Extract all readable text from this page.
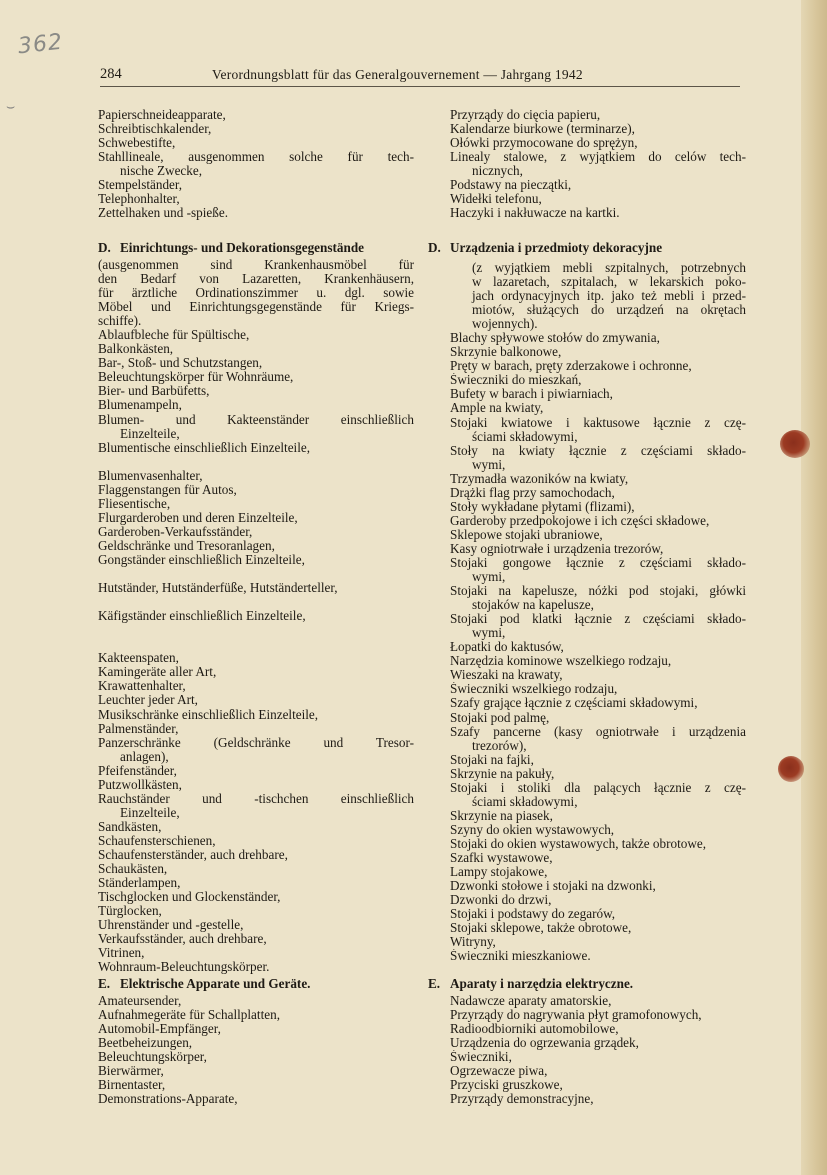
362
⌣
284	Verordnungsblatt für das Generalgouvernement — Jahrgang 1942
Papierschneideapparate,
Schreibtischkalender,
Schwebestifte,
Stahllineale, ausgenommen solche für tech-
nische Zwecke,
Stempelständer,
Telephonhalter,
Zettelhaken und -spieße.
D. Einrichtungs- und Dekorationsgegenstände
(ausgenommen sind Krankenhausmöbel für
den Bedarf von Lazaretten, Krankenhäusern,
für ärztliche Ordinationszimmer u. dgl. sowie
Möbel und Einrichtungsgegenstände für Kriegs-
schiffe).
Ablaufbleche für Spültische,
Balkonkästen,
Bar-, Stoß- und Schutzstangen,
Beleuchtungskörper für Wohnräume,
Bier- und Barbüfetts,
Blumenampeln,
Blumen- und Kakteenständer einschließlich
Einzelteile,
Blumentische einschließlich Einzelteile,
Blumenvasenhalter,
Flaggenstangen für Autos,
Fliesentische,
Flurgarderoben und deren Einzelteile,
Garderoben-Verkaufsständer,
Geldschränke und Tresoranlagen,
Gongständer einschließlich Einzelteile,
Hutständer, Hutständerfüße, Hutständerteller,
Käfigständer einschließlich Einzelteile,
Kakteenspaten,
Kamingeräte aller Art,
Krawattenhalter,
Leuchter jeder Art,
Musikschränke einschließlich Einzelteile,
Palmenständer,
Panzerschränke (Geldschränke und Tresor-
anlagen),
Pfeifenständer,
Putzwollkästen,
Rauchständer und -tischchen einschließlich
Einzelteile,
Sandkästen,
Schaufensterschienen,
Schaufensterständer, auch drehbare,
Schaukästen,
Ständerlampen,
Tischglocken und Glockenständer,
Türglocken,
Uhrenständer und -gestelle,
Verkaufsständer, auch drehbare,
Vitrinen,
Wohnraum-Beleuchtungskörper.
E. Elektrische Apparate und Geräte.
Amateursender,
Aufnahmegeräte für Schallplatten,
Automobil-Empfänger,
Beetbeheizungen,
Beleuchtungskörper,
Bierwärmer,
Birnentaster,
Demonstrations-Apparate,
Przyrządy do cięcia papieru,
Kalendarze biurkowe (terminarze),
Ołówki przymocowane do sprężyn,
Linealy stalowe, z wyjątkiem do celów tech-
nicznych,
Podstawy na pieczątki,
Widełki telefonu,
Haczyki i nakłuwacze na kartki.
D. Urządzenia i przedmioty dekoracyjne
(z wyjątkiem mebli szpitalnych, potrzebnych
w lazaretach, szpitalach, w lekarskich poko-
jach ordynacyjnych itp. jako też mebli i przed-
miotów, służących do urządzeń na okrętach
wojennych).
Blachy spływowe stołów do zmywania,
Skrzynie balkonowe,
Pręty w barach, pręty zderzakowe i ochronne,
Świeczniki do mieszkań,
Bufety w barach i piwiarniach,
Ample na kwiaty,
Stojaki kwiatowe i kaktusowe łącznie z czę-
ściami składowymi,
Stoły na kwiaty łącznie z częściami składo-
wymi,
Trzymadła wazoników na kwiaty,
Drążki flag przy samochodach,
Stoły wykładane płytami (flizami),
Garderoby przedpokojowe i ich części składowe,
Sklepowe stojaki ubraniowe,
Kasy ogniotrwałe i urządzenia trezorów,
Stojaki gongowe łącznie z częściami składo-
wymi,
Stojaki na kapelusze, nóżki pod stojaki, główki
stojaków na kapelusze,
Stojaki pod klatki łącznie z częściami składo-
wymi,
Łopatki do kaktusów,
Narzędzia kominowe wszelkiego rodzaju,
Wieszaki na krawaty,
Świeczniki wszelkiego rodzaju,
Szafy grające łącznie z częściami składowymi,
Stojaki pod palmę,
Szafy pancerne (kasy ogniotrwałe i urządzenia
trezorów),
Stojaki na fajki,
Skrzynie na pakuły,
Stojaki i stoliki dla palących łącznie z czę-
ściami składowymi,
Skrzynie na piasek,
Szyny do okien wystawowych,
Stojaki do okien wystawowych, także obrotowe,
Szafki wystawowe,
Lampy stojakowe,
Dzwonki stołowe i stojaki na dzwonki,
Dzwonki do drzwi,
Stojaki i podstawy do zegarów,
Stojaki sklepowe, także obrotowe,
Witryny,
Świeczniki mieszkaniowe.
E. Aparaty i narzędzia elektryczne.
Nadawcze aparaty amatorskie,
Przyrządy do nagrywania płyt gramofonowych,
Radioodbiorniki automobilowe,
Urządzenia do ogrzewania grządek,
Świeczniki,
Ogrzewacze piwa,
Przyciski gruszkowe,
Przyrządy demonstracyjne,
